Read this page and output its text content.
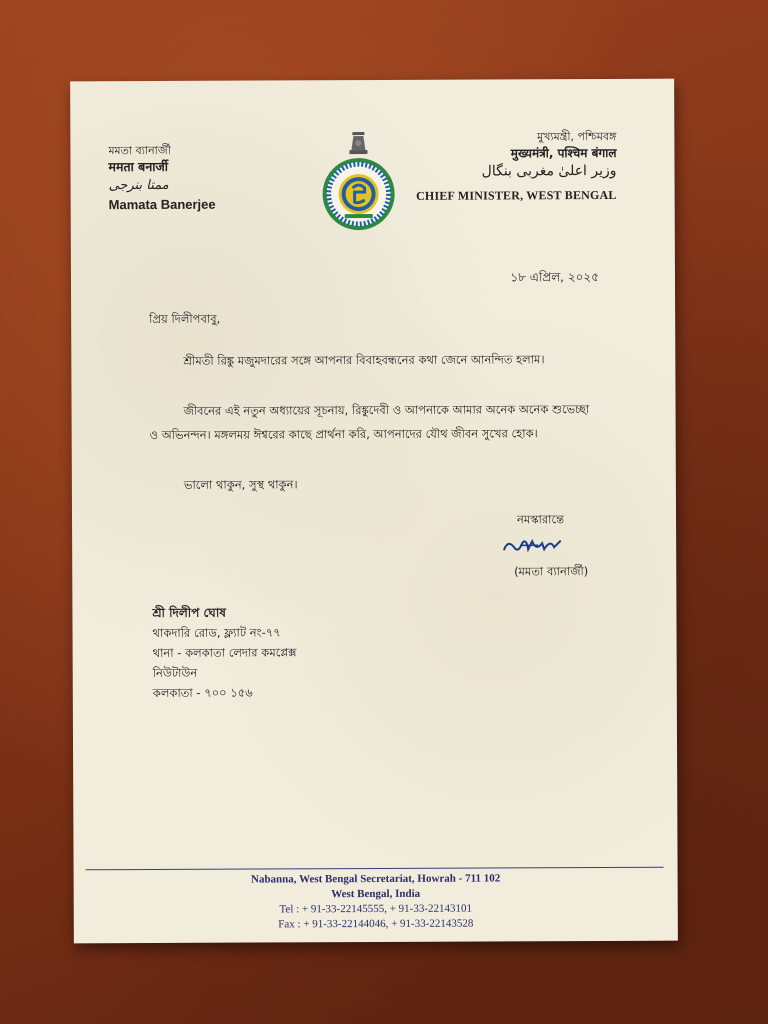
মমতা ব্যানার্জী
ममता बनार्जी
ممتا بنرجی
Mamata Banerjee
মুখ্যমন্ত্রী, পশ্চিমবঙ্গ
मुख्यमंत्री, पश्चिम बंगाल
وزیر اعلیٰ مغربی بنگال
CHIEF MINISTER, WEST BENGAL
১৮ এপ্রিল, ২০২৫
প্রিয় দিলীপবাবু,
শ্রীমতী রিঙ্কু মজুমদারের সঙ্গে আপনার বিবাহবন্ধনের কথা জেনে আনন্দিত হলাম।
জীবনের এই নতুন অধ্যায়ের সূচনায়, রিঙ্কুদেবী ও আপনাকে আমার অনেক অনেক শুভেচ্ছা ও অভিনন্দন। মঙ্গলময় ঈশ্বরের কাছে প্রার্থনা করি, আপনাদের যৌথ জীবন সুখের হোক।
ভালো থাকুন, সুস্থ থাকুন।
নমস্কারান্তে
(মমতা ব্যানার্জী)
শ্রী দিলীপ ঘোষ
থাকদারি রোড, ফ্ল্যাট নং-৭৭
থানা - কলকাতা লেদার কমপ্লেক্স
নিউটাউন
কলকাতা - ৭০০ ১৫৬
Nabanna, West Bengal Secretariat, Howrah - 711 102
West Bengal, India
Tel : + 91-33-22145555, + 91-33-22143101
Fax : + 91-33-22144046, + 91-33-22143528
